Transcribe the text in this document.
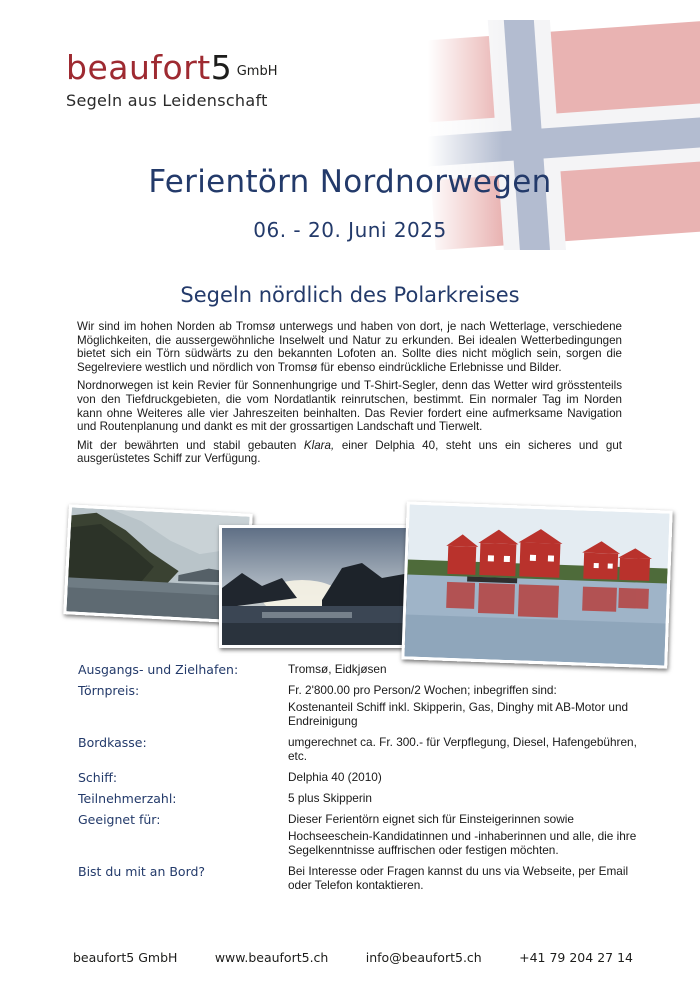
beaufort5 $^{GmbH}$
Segeln aus Leidenschaft
Ferientörn Nordnorwegen
06. - 20. Juni 2025
Segeln nördlich des Polarkreises

Wir sind im hohen Norden ab Tromsø unterwegs und haben von dort, je nach Wetterlage, verschiedene Möglichkeiten, die aussergewöhnliche Inselwelt und Natur zu erkunden. Bei idealen Wetterbedingungen bietet sich ein Törn südwärts zu den bekannten Lofoten an. Sollte dies nicht möglich sein, sorgen die Segelreviere westlich und nördlich von Tromsø für ebenso eindrückliche Erlebnisse und Bilder.

Nordnorwegen ist kein Revier für Sonnenhungrige und T-Shirt-Segler, denn das Wetter wird grösstenteils von den Tiefdruckgebieten, die vom Nordatlantik reinrutschen, bestimmt. Ein normaler Tag im Norden kann ohne Weiteres alle vier Jahreszeiten beinhalten. Das Revier fordert eine aufmerksame Navigation und Routenplanung und dankt es mit der grossartigen Landschaft und Tierwelt.

Mit der bewährten und stabil gebauten Klara, einer Delphia 40, steht uns ein sicheres und gut ausgerüstetes Schiff zur Verfügung.

Ausgangs- und Zielhafen:	Tromsø, Eidkjøsen
Törnpreis:	Fr. 2'800.00 pro Person/2 Wochen; inbegriffen sind:
Kostenanteil Schiff inkl. Skipperin, Gas, Dinghy mit AB-Motor und Endreinigung
Bordkasse:	umgerechnet ca. Fr. 300.- für Verpflegung, Diesel, Hafengebühren, etc.
Schiff:	Delphia 40 (2010)
Teilnehmerzahl:	5 plus Skipperin
Geeignet für:	Dieser Ferientörn eignet sich für Einsteigerinnen sowie
Hochseeschein-Kandidatinnen und -inhaberinnen und alle, die ihre Segelkenntnisse auffrischen oder festigen möchten.
Bist du mit an Bord?	Bei Interesse oder Fragen kannst du uns via Webseite, per Email oder Telefon kontaktieren.
beaufort5 GmbH	www.beaufort5.ch	info@beaufort5.ch	+41 79 204 27 14
